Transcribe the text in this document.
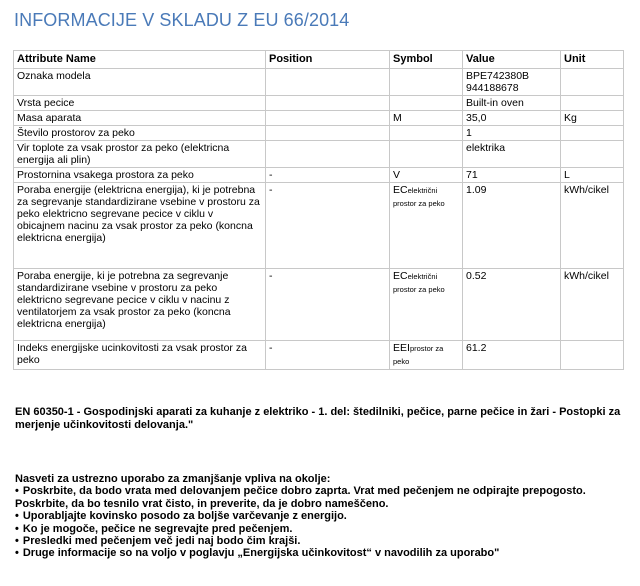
INFORMACIJE V SKLADU Z EU 66/2014
Attribute Name	Position	Symbol	Value	Unit
Oznaka modela			BPE742380B
944188678	
Vrsta pecice			Built-in oven	
Masa aparata		M	35,0	Kg
Število prostorov za peko			1	
Vir toplote za vsak prostor za peko (elektricna energija ali plin)			elektrika	
Prostornina vsakega prostora za peko	-	V	71	L
Poraba energije (elektricna energija), ki je potrebna za segrevanje standardizirane vsebine v prostoru za peko elektricno segrevane pecice v ciklu v obicajnem nacinu za vsak prostor za peko (koncna elektricna energija)	-	ECelektrični prostor za peko	1.09	kWh/cikel
Poraba energije, ki je potrebna za segrevanje standardizirane vsebine v prostoru za peko elektricno segrevane pecice v ciklu v nacinu z ventilatorjem za vsak prostor za peko (koncna elektricna energija)	-	ECelektrični prostor za peko	0.52	kWh/cikel
Indeks energijske ucinkovitosti za vsak prostor za peko	-	EEIprostor za peko	61.2	
EN 60350-1 - Gospodinjski aparati za kuhanje z elektriko - 1. del: štedilniki, pečice, parne pečice in žari - Postopki za merjenje učinkovitosti delovanja."
Nasveti za ustrezno uporabo za zmanjšanje vpliva na okolje:
• Poskrbite, da bodo vrata med delovanjem pečice dobro zaprta. Vrat med pečenjem ne odpirajte prepogosto. Poskrbite, da bo tesnilo vrat čisto, in preverite, da je dobro nameščeno.
• Uporabljajte kovinsko posodo za boljše varčevanje z energijo.
• Ko je mogoče, pečice ne segrevajte pred pečenjem.
• Presledki med pečenjem več jedi naj bodo čim krajši.
• Druge informacije so na voljo v poglavju „Energijska učinkovitost“ v navodilih za uporabo"
